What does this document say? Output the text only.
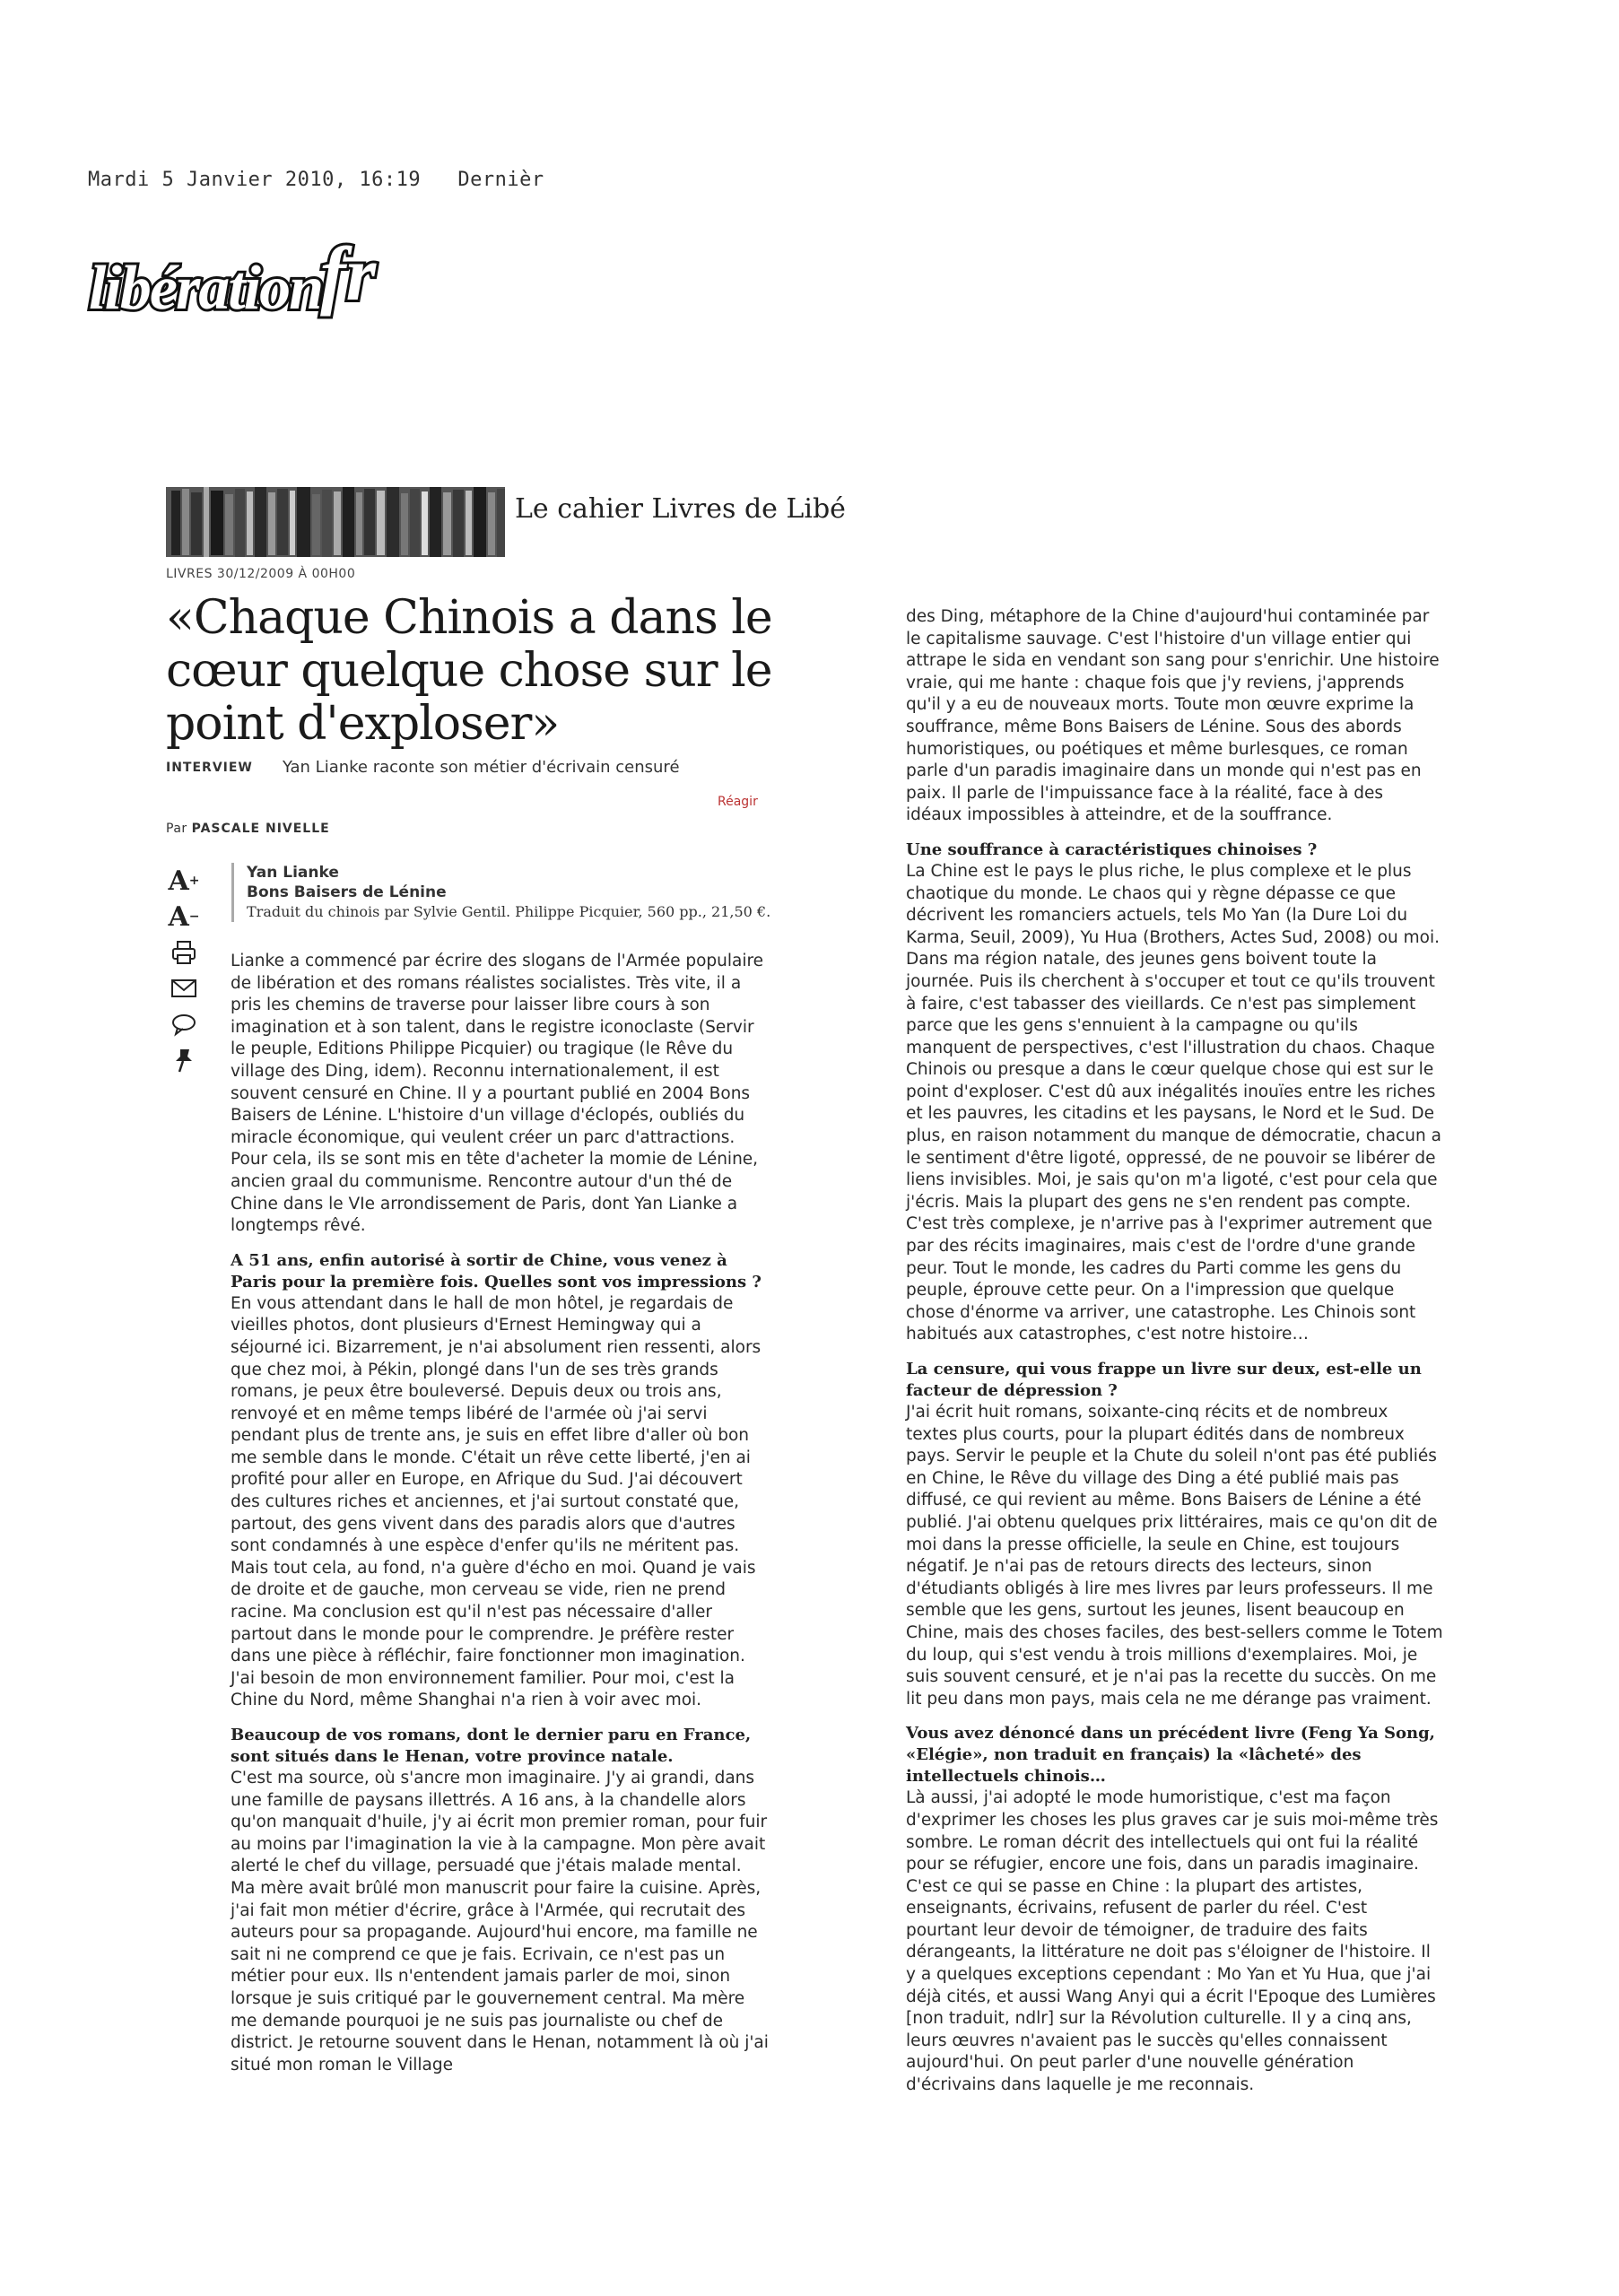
Mardi 5 Janvier 2010, 16:19 Dernièr
libération
fr
Le cahier Livres de Libé
LIVRES 30/12/2009 À 00H00
«Chaque Chinois a dans le cœur quelque chose sur le point d'exploser»
INTERVIEW Yan Lianke raconte son métier d'écrivain censuré
Réagir
Par PASCALE NIVELLE
A +
A −
Yan Lianke
Bons Baisers de Lénine
Traduit du chinois par Sylvie Gentil. Philippe Picquier, 560 pp., 21,50 €.

Lianke a commencé par écrire des slogans de l'Armée populaire de libération et des romans réalistes socialistes. Très vite, il a pris les chemins de traverse pour laisser libre cours à son imagination et à son talent, dans le registre iconoclaste (Servir le peuple, Editions Philippe Picquier) ou tragique (le Rêve du village des Ding, idem). Reconnu internationalement, il est souvent censuré en Chine. Il y a pourtant publié en 2004 Bons Baisers de Lénine. L'histoire d'un village d'éclopés, oubliés du miracle économique, qui veulent créer un parc d'attractions. Pour cela, ils se sont mis en tête d'acheter la momie de Lénine, ancien graal du communisme. Rencontre autour d'un thé de Chine dans le VIe arrondissement de Paris, dont Yan Lianke a longtemps rêvé.

A 51 ans, enfin autorisé à sortir de Chine, vous venez à Paris pour la première fois. Quelles sont vos impressions ?

En vous attendant dans le hall de mon hôtel, je regardais de vieilles photos, dont plusieurs d'Ernest Hemingway qui a séjourné ici. Bizarrement, je n'ai absolument rien ressenti, alors que chez moi, à Pékin, plongé dans l'un de ses très grands romans, je peux être bouleversé. Depuis deux ou trois ans, renvoyé et en même temps libéré de l'armée où j'ai servi pendant plus de trente ans, je suis en effet libre d'aller où bon me semble dans le monde. C'était un rêve cette liberté, j'en ai profité pour aller en Europe, en Afrique du Sud. J'ai découvert des cultures riches et anciennes, et j'ai surtout constaté que, partout, des gens vivent dans des paradis alors que d'autres sont condamnés à une espèce d'enfer qu'ils ne méritent pas. Mais tout cela, au fond, n'a guère d'écho en moi. Quand je vais de droite et de gauche, mon cerveau se vide, rien ne prend racine. Ma conclusion est qu'il n'est pas nécessaire d'aller partout dans le monde pour le comprendre. Je préfère rester dans une pièce à réfléchir, faire fonctionner mon imagination. J'ai besoin de mon environnement familier. Pour moi, c'est la Chine du Nord, même Shanghai n'a rien à voir avec moi.

Beaucoup de vos romans, dont le dernier paru en France, sont situés dans le Henan, votre province natale.

C'est ma source, où s'ancre mon imaginaire. J'y ai grandi, dans une famille de paysans illettrés. A 16 ans, à la chandelle alors qu'on manquait d'huile, j'y ai écrit mon premier roman, pour fuir au moins par l'imagination la vie à la campagne. Mon père avait alerté le chef du village, persuadé que j'étais malade mental. Ma mère avait brûlé mon manuscrit pour faire la cuisine. Après, j'ai fait mon métier d'écrire, grâce à l'Armée, qui recrutait des auteurs pour sa propagande. Aujourd'hui encore, ma famille ne sait ni ne comprend ce que je fais. Ecrivain, ce n'est pas un métier pour eux. Ils n'entendent jamais parler de moi, sinon lorsque je suis critiqué par le gouvernement central. Ma mère me demande pourquoi je ne suis pas journaliste ou chef de district. Je retourne souvent dans le Henan, notamment là où j'ai situé mon roman le Village

des Ding, métaphore de la Chine d'aujourd'hui contaminée par le capitalisme sauvage. C'est l'histoire d'un village entier qui attrape le sida en vendant son sang pour s'enrichir. Une histoire vraie, qui me hante : chaque fois que j'y reviens, j'apprends qu'il y a eu de nouveaux morts. Toute mon œuvre exprime la souffrance, même Bons Baisers de Lénine. Sous des abords humoristiques, ou poétiques et même burlesques, ce roman parle d'un paradis imaginaire dans un monde qui n'est pas en paix. Il parle de l'impuissance face à la réalité, face à des idéaux impossibles à atteindre, et de la souffrance.

Une souffrance à caractéristiques chinoises ?

La Chine est le pays le plus riche, le plus complexe et le plus chaotique du monde. Le chaos qui y règne dépasse ce que décrivent les romanciers actuels, tels Mo Yan (la Dure Loi du Karma, Seuil, 2009), Yu Hua (Brothers, Actes Sud, 2008) ou moi. Dans ma région natale, des jeunes gens boivent toute la journée. Puis ils cherchent à s'occuper et tout ce qu'ils trouvent à faire, c'est tabasser des vieillards. Ce n'est pas simplement parce que les gens s'ennuient à la campagne ou qu'ils manquent de perspectives, c'est l'illustration du chaos. Chaque Chinois ou presque a dans le cœur quelque chose qui est sur le point d'exploser. C'est dû aux inégalités inouïes entre les riches et les pauvres, les citadins et les paysans, le Nord et le Sud. De plus, en raison notamment du manque de démocratie, chacun a le sentiment d'être ligoté, oppressé, de ne pouvoir se libérer de liens invisibles. Moi, je sais qu'on m'a ligoté, c'est pour cela que j'écris. Mais la plupart des gens ne s'en rendent pas compte. C'est très complexe, je n'arrive pas à l'exprimer autrement que par des récits imaginaires, mais c'est de l'ordre d'une grande peur. Tout le monde, les cadres du Parti comme les gens du peuple, éprouve cette peur. On a l'impression que quelque chose d'énorme va arriver, une catastrophe. Les Chinois sont habitués aux catastrophes, c'est notre histoire…

La censure, qui vous frappe un livre sur deux, est-elle un facteur de dépression ?

J'ai écrit huit romans, soixante-cinq récits et de nombreux textes plus courts, pour la plupart édités dans de nombreux pays. Servir le peuple et la Chute du soleil n'ont pas été publiés en Chine, le Rêve du village des Ding a été publié mais pas diffusé, ce qui revient au même. Bons Baisers de Lénine a été publié. J'ai obtenu quelques prix littéraires, mais ce qu'on dit de moi dans la presse officielle, la seule en Chine, est toujours négatif. Je n'ai pas de retours directs des lecteurs, sinon d'étudiants obligés à lire mes livres par leurs professeurs. Il me semble que les gens, surtout les jeunes, lisent beaucoup en Chine, mais des choses faciles, des best-sellers comme le Totem du loup, qui s'est vendu à trois millions d'exemplaires. Moi, je suis souvent censuré, et je n'ai pas la recette du succès. On me lit peu dans mon pays, mais cela ne me dérange pas vraiment.

Vous avez dénoncé dans un précédent livre (Feng Ya Song, «Elégie», non traduit en français) la «lâcheté» des intellectuels chinois…

Là aussi, j'ai adopté le mode humoristique, c'est ma façon d'exprimer les choses les plus graves car je suis moi-même très sombre. Le roman décrit des intellectuels qui ont fui la réalité pour se réfugier, encore une fois, dans un paradis imaginaire. C'est ce qui se passe en Chine : la plupart des artistes, enseignants, écrivains, refusent de parler du réel. C'est pourtant leur devoir de témoigner, de traduire des faits dérangeants, la littérature ne doit pas s'éloigner de l'histoire. Il y a quelques exceptions cependant : Mo Yan et Yu Hua, que j'ai déjà cités, et aussi Wang Anyi qui a écrit l'Epoque des Lumières [non traduit, ndlr] sur la Révolution culturelle. Il y a cinq ans, leurs œuvres n'avaient pas le succès qu'elles connaissent aujourd'hui. On peut parler d'une nouvelle génération d'écrivains dans laquelle je me reconnais.
